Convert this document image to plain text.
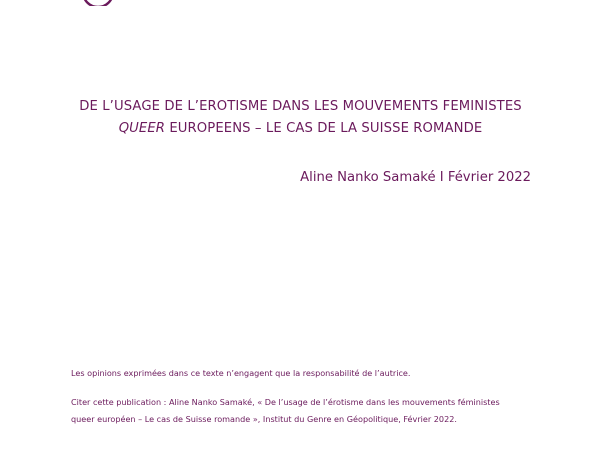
DE L’USAGE DE L’EROTISME DANS LES MOUVEMENTS FEMINISTES
QUEER EUROPEENS – LE CAS DE LA SUISSE ROMANDE
Aline Nanko Samaké I Février 2022
Les opinions exprimées dans ce texte n’engagent que la responsabilité de l’autrice.
Citer cette publication : Aline Nanko Samaké, « De l’usage de l’érotisme dans les mouvements féministes
queer européen – Le cas de Suisse romande », Institut du Genre en Géopolitique, Février 2022.
